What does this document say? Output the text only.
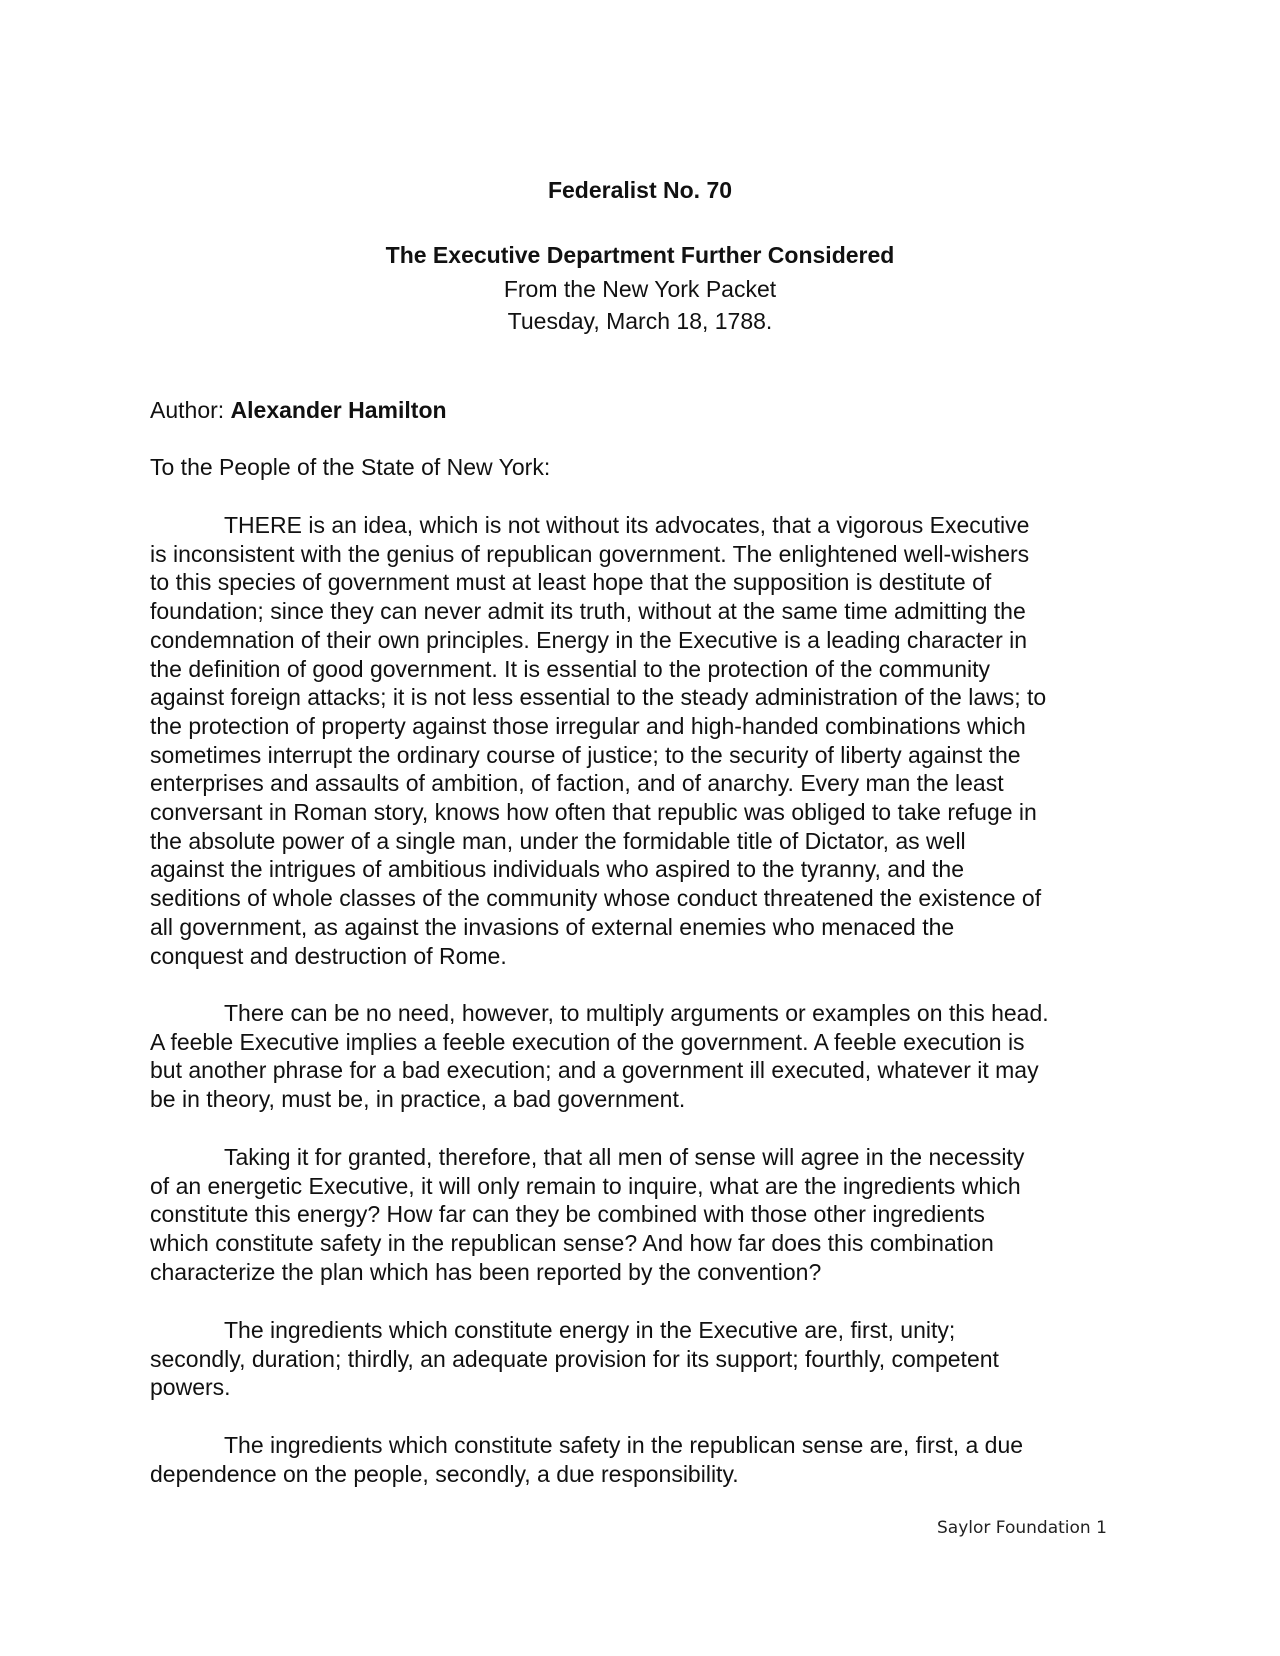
Federalist No. 70
The Executive Department Further Considered
From the New York Packet
Tuesday, March 18, 1788.
Author: Alexander Hamilton
To the People of the State of New York:
THERE is an idea, which is not without its advocates, that a vigorous Executive
is inconsistent with the genius of republican government. The enlightened well-wishers
to this species of government must at least hope that the supposition is destitute of
foundation; since they can never admit its truth, without at the same time admitting the
condemnation of their own principles. Energy in the Executive is a leading character in
the definition of good government. It is essential to the protection of the community
against foreign attacks; it is not less essential to the steady administration of the laws; to
the protection of property against those irregular and high-handed combinations which
sometimes interrupt the ordinary course of justice; to the security of liberty against the
enterprises and assaults of ambition, of faction, and of anarchy. Every man the least
conversant in Roman story, knows how often that republic was obliged to take refuge in
the absolute power of a single man, under the formidable title of Dictator, as well
against the intrigues of ambitious individuals who aspired to the tyranny, and the
seditions of whole classes of the community whose conduct threatened the existence of
all government, as against the invasions of external enemies who menaced the
conquest and destruction of Rome.
There can be no need, however, to multiply arguments or examples on this head.
A feeble Executive implies a feeble execution of the government. A feeble execution is
but another phrase for a bad execution; and a government ill executed, whatever it may
be in theory, must be, in practice, a bad government.
Taking it for granted, therefore, that all men of sense will agree in the necessity
of an energetic Executive, it will only remain to inquire, what are the ingredients which
constitute this energy? How far can they be combined with those other ingredients
which constitute safety in the republican sense? And how far does this combination
characterize the plan which has been reported by the convention?
The ingredients which constitute energy in the Executive are, first, unity;
secondly, duration; thirdly, an adequate provision for its support; fourthly, competent
powers.
The ingredients which constitute safety in the republican sense are, first, a due
dependence on the people, secondly, a due responsibility.
Saylor Foundation 1
